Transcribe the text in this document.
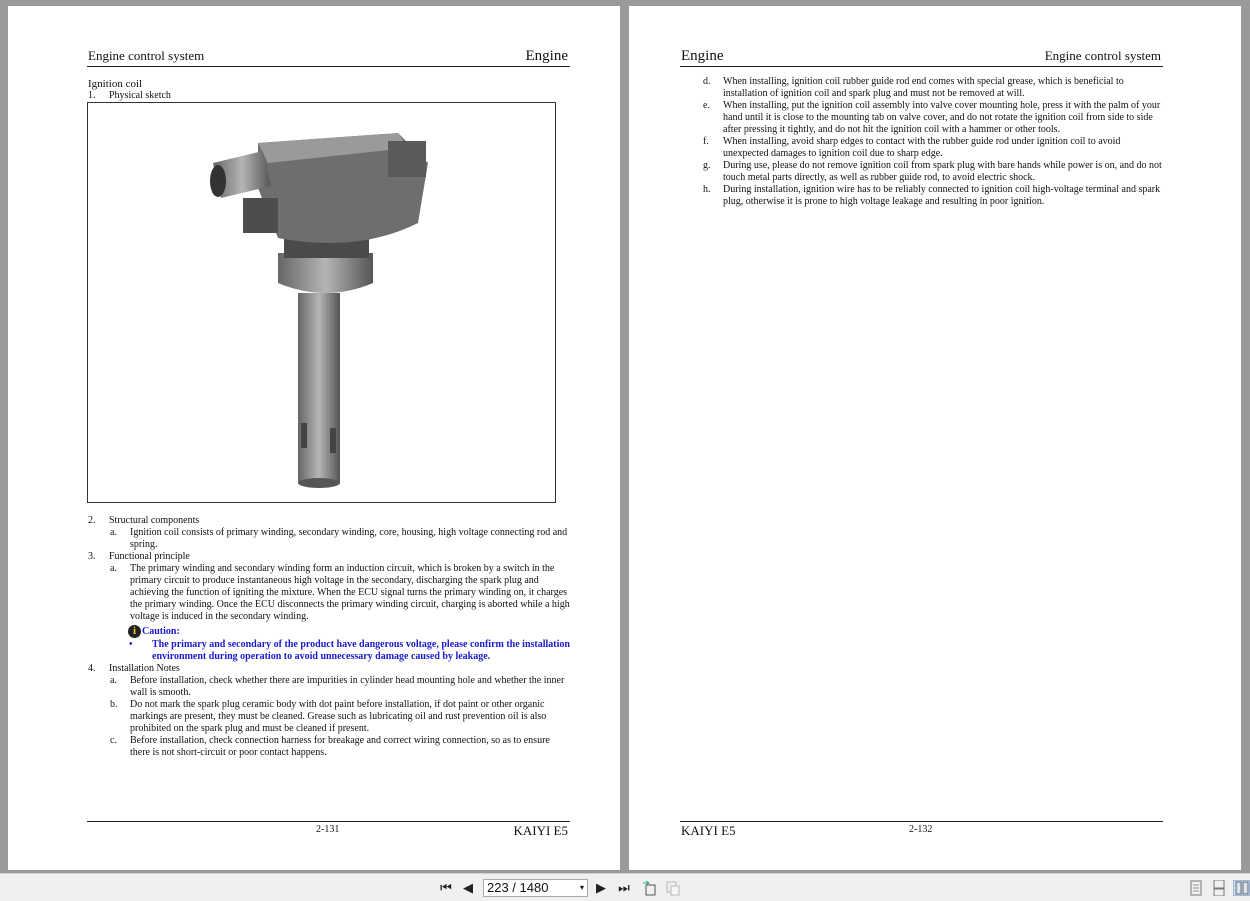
Engine control system	Engine
Ignition coil
1. Physical sketch
2. Structural components
a. Ignition coil consists of primary winding, secondary winding, core, housing, high voltage connecting rod and spring.
3. Functional principle
a. The primary winding and secondary winding form an induction circuit, which is broken by a switch in the primary circuit to produce instantaneous high voltage in the secondary, discharging the spark plug and achieving the function of igniting the mixture. When the ECU signal turns the primary winding on, it charges the primary winding. Once the ECU disconnects the primary winding circuit, charging is aborted while a high voltage is induced in the secondary winding.
i Caution:
• The primary and secondary of the product have dangerous voltage, please confirm the installation environment during operation to avoid unnecessary damage caused by leakage.
4. Installation Notes
a. Before installation, check whether there are impurities in cylinder head mounting hole and whether the inner wall is smooth.
b. Do not mark the spark plug ceramic body with dot paint before installation, if dot paint or other organic markings are present, they must be cleaned. Grease such as lubricating oil and rust prevention oil is also prohibited on the spark plug and must be cleaned if present.
c. Before installation, check connection harness for breakage and correct wiring connection, so as to ensure there is not short-circuit or poor contact happens.
2-131	KAIYI E5
Engine	Engine control system
d. When installing, ignition coil rubber guide rod end comes with special grease, which is beneficial to installation of ignition coil and spark plug and must not be removed at will.
e. When installing, put the ignition coil assembly into valve cover mounting hole, press it with the palm of your hand until it is close to the mounting tab on valve cover, and do not rotate the ignition coil from side to side after pressing it tightly, and do not hit the ignition coil with a hammer or other tools.
f. When installing, avoid sharp edges to contact with the rubber guide rod under ignition coil to avoid unexpected damages to ignition coil due to sharp edge.
g. During use, please do not remove ignition coil from spark plug with bare hands while power is on, and do not touch metal parts directly, as well as rubber guide rod, to avoid electric shock.
h. During installation, ignition wire has to be reliably connected to ignition coil high-voltage terminal and spark plug, otherwise it is prone to high voltage leakage and resulting in poor ignition.
KAIYI E5	2-132
⏮ ◀	223 / 1480	▾ ▶ ⏭
